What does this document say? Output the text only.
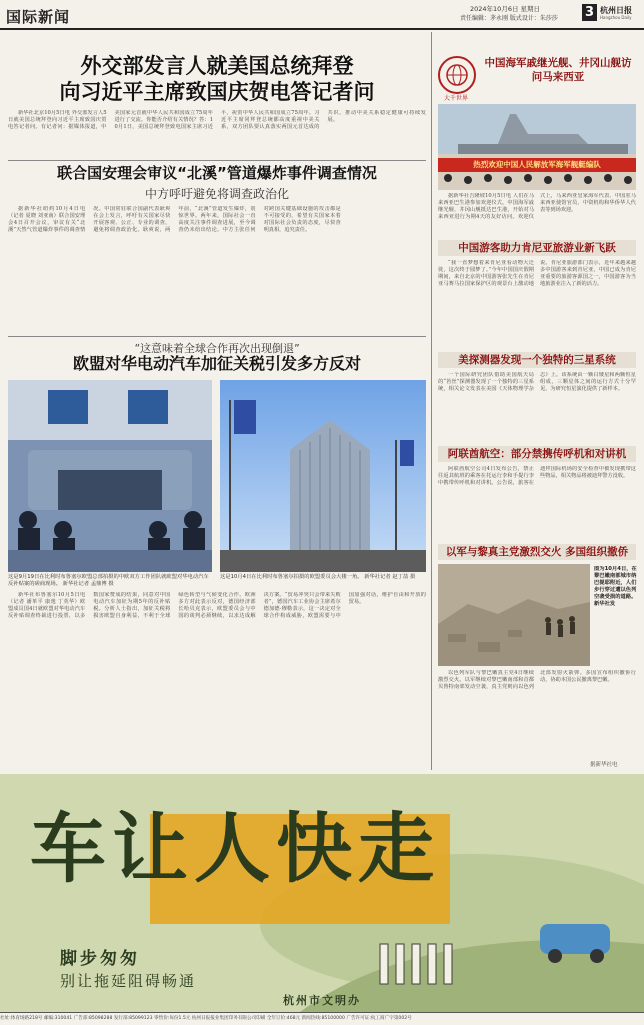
国际新闻	2024年10月6日 星期日
责任编辑：茅永刚 版式设计：朱莎莎 3 杭州日报
Hangzhou Daily
外交部发言人就美国总统拜登
向习近平主席致国庆贺电答记者问

新华社北京10月5日电 外交部发言人5日就美国总统拜登向习近平主席致国庆贺电答记者问。有记者问：据媒体报道，中美国家元首就中华人民共和国成立75周年进行了交流。你能否介绍有关情况？答：10月1日，美国总统拜登致电国家主席习近平，祝贺中华人民共和国成立75周年。习近平主席同拜登总统都高度重视中美关系，双方团队要认真落实两国元首达成的共识，推动中美关系稳定健康可持续发展。

联合国安理会审议“北溪”管道爆炸事件调查情况
中方呼吁避免将调查政治化

据新华社纽约10月4日电 （记者 夏晓 刘亚南）联合国安理会4日召开会议，审议有关“北溪”天然气管道爆炸事件的调查情况。中国常驻联合国副代表耿爽在会上发言，呼吁有关国家尽快开展客观、公正、专业的调查，避免将调查政治化。耿爽说，两年前，“北溪”管道发生爆炸，震惊世界。两年来，国际社会一直高度关注事件调查进展，至今调查仍未给出结论。中方主张任何对跨国关键基础设施的攻击都是不可接受的，希望有关国家本着对国际社会负责的态度，尽快查明真相，追究责任。

“这意味着全球合作再次出现倒退”
欧盟对华电动汽车加征关税引发多方反对
这是9月19日在比利时布鲁塞尔欧盟总部拍摄的中欧双方工作团队就欧盟对华电动汽车反补贴案的磋商现场。 新华社记者 孟鼎博 摄
这是10月4日在比利时布鲁塞尔拍摄的欧盟委员会大楼一角。 新华社记者 赵丁喆 摄

新华社布鲁塞尔10月5日电（记者 潘革平 康逸 丁英华）欧盟成员国4日就欧盟对华电动汽车反补贴调查终裁进行投票，以多数国家赞成的结果，同意对中国电动汽车加征为期5年的反补贴税。分析人士指出，加征关税将损害欧盟自身利益，不利于全球绿色转型与气候变化合作。欧洲多方对此表示反对，德国经济部长哈贝克表示，欧盟委员会与中国的谈判必须继续，以求达成解决方案。“贸易冲突只会带来失败者”，德国汽车工业协会主席希尔德加德·穆勒表示，这一决定对全球合作构成威胁，欧盟需要与中国加强对话，维护自由和开放的贸易。

大千世界
中国海军戚继光舰、井冈山舰访问马来西亚
热烈欢迎中国人民解放军海军舰艇编队

据新华社吉隆坡10月5日电 人们在马来西亚巴生港参加欢迎仪式。中国海军戚继光舰、井冈山舰抵达巴生港，开始对马来西亚进行为期4天的友好访问。欢迎仪式上，马来西亚皇家海军代表、中国驻马来西亚使馆官员、中资机构和华侨华人代表等到场欢迎。

中国游客助力肯尼亚旅游业新飞跃

“我一直梦想着来肯尼亚看动物大迁徙，这次终于圆梦了。”今年中国国庆假期期间，来自北京的中国游客张先生在肯尼亚马赛马拉国家保护区的观景台上激动地说。肯尼亚旅游部门表示，近年来越来越多中国游客来到肯尼亚，中国已成为肯尼亚重要的旅游客源国之一，中国游客为当地旅游业注入了新的活力。

美探测器发现一个独特的三星系统

一个国际研究团队借助美国航天局的“苔丝”探测器发现了一个独特的三星系统，相关论文发表在美国《天体物理学杂志》上。该系统由一颗白矮星和两颗恒星组成，三颗星体之间的运行方式十分罕见，为研究恒星演化提供了新样本。

阿联酋航空：部分禁携传呼机和对讲机

阿联酋航空公司4日发布公告，禁止往返其航班的乘客在托运行李和手提行李中携带传呼机和对讲机。公告说，旅客在迪拜国际机场的安全检查中被发现携带这些物品，相关物品将被迪拜警方没收。

以军与黎真主党激烈交火 多国组织撤侨
图为10月4日，在黎巴嫩南部城市纳巴提耶附近，人们步行穿过遭以色列空袭受损的道路。 新华社发

以色列军队与黎巴嫩真主党4日继续激烈交火。以军继续对黎巴嫩南部和首都贝鲁特南郊发动空袭，真主党则向以色列北部发射火箭弹。多国宣布组织撤侨行动，协助本国公民撤离黎巴嫩。

据新华社电
车让人快走
脚步匆匆
别让拖延阻碍畅通
杭州市文明办
社址:体育场路218号 邮编:310041 广告部:85098288 发行部:85099123 零售价:每份1.5元 杭州日报报业集团印务有限公司印刷 全年订价:468元 新闻热线:85100000 广告许可证:杭工商广字第002号
